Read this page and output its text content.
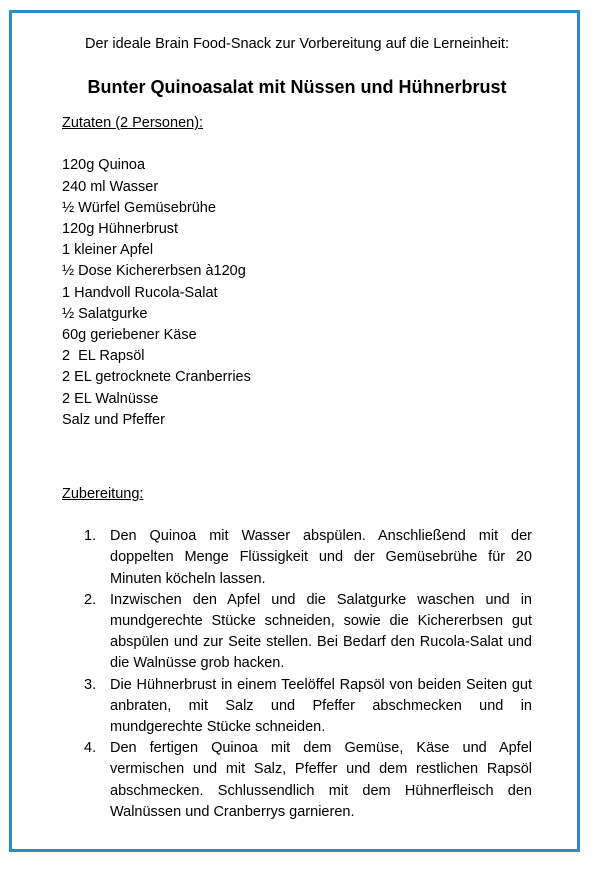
Der ideale Brain Food-Snack zur Vorbereitung auf die Lerneinheit:

Bunter Quinoasalat mit Nüssen und Hühnerbrust

Zutaten (2 Personen):

120g Quinoa
240 ml Wasser
½ Würfel Gemüsebrühe
120g Hühnerbrust
1 kleiner Apfel
½ Dose Kichererbsen à120g
1 Handvoll Rucola-Salat
½ Salatgurke
60g geriebener Käse
2  EL Rapsöl
2 EL getrocknete Cranberries
2 EL Walnüsse
Salz und Pfeffer

Zubereitung:

1. Den Quinoa mit Wasser abspülen. Anschließend mit der doppelten Menge Flüssigkeit und der Gemüsebrühe für 20 Minuten köcheln lassen.
2. Inzwischen den Apfel und die Salatgurke waschen und in mundgerechte Stücke schneiden, sowie die Kichererbsen gut abspülen und zur Seite stellen. Bei Bedarf den Rucola-Salat und die Walnüsse grob hacken.
3. Die Hühnerbrust in einem Teelöffel Rapsöl von beiden Seiten gut anbraten, mit Salz und Pfeffer abschmecken und in mundgerechte Stücke schneiden.
4. Den fertigen Quinoa mit dem Gemüse, Käse und Apfel vermischen und mit Salz, Pfeffer und dem restlichen Rapsöl abschmecken. Schlussendlich mit dem Hühnerfleisch den Walnüssen und Cranberrys garnieren.
